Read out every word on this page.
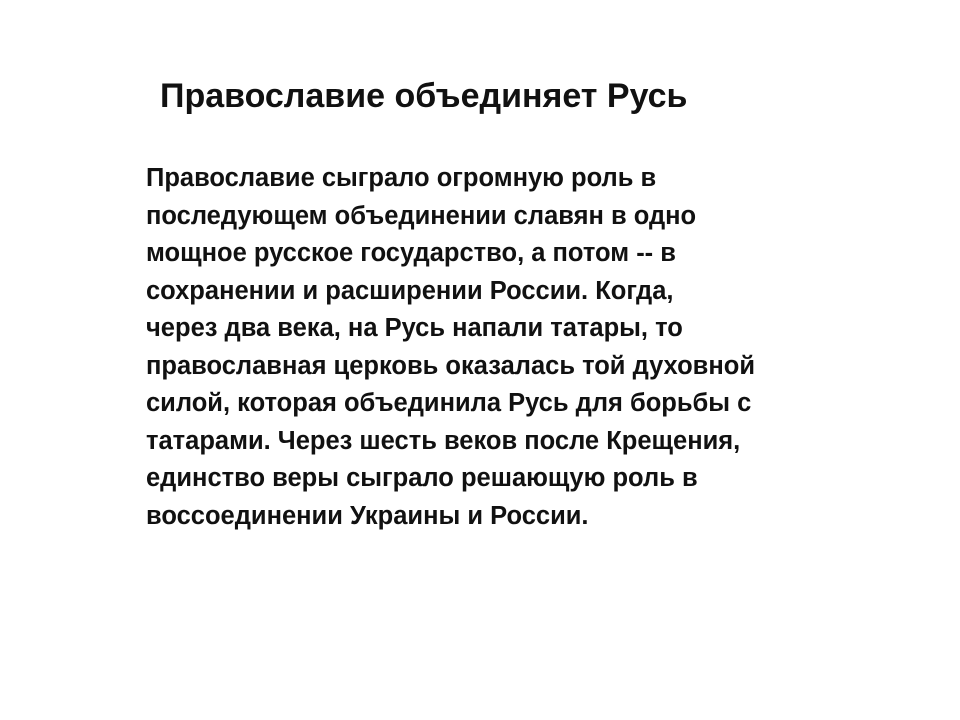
Православие объединяет Русь
Православие сыграло огромную роль в
последующем объединении славян в одно
мощное русское государство, а потом -- в
сохранении и расширении России. Когда,
через два века, на Русь напали татары, то
православная церковь оказалась той духовной
силой, которая объединила Русь для борьбы с
татарами. Через шесть веков после Крещения,
единство веры сыграло решающую роль в
воссоединении Украины и России.
